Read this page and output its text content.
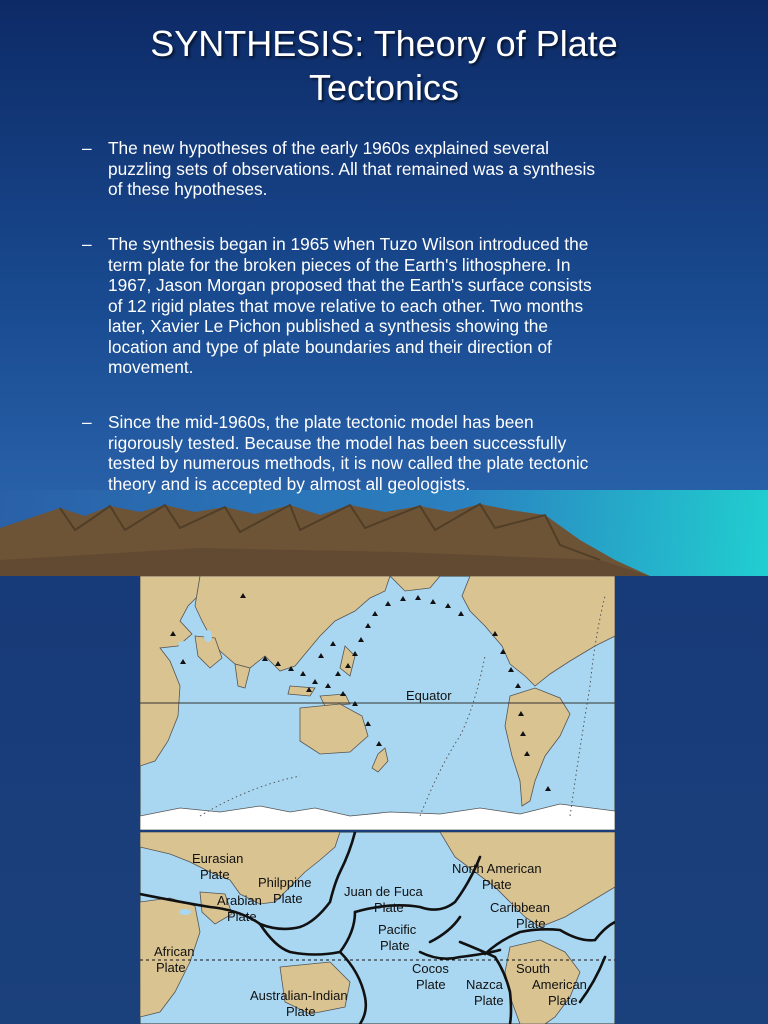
SYNTHESIS: Theory of Plate
Tectonics
– The new hypotheses of the early 1960s explained several
puzzling sets of observations. All that remained was a synthesis
of these hypotheses.
– The synthesis began in 1965 when Tuzo Wilson introduced the
term plate for the broken pieces of the Earth's lithosphere. In
1967, Jason Morgan proposed that the Earth's surface consists
of 12 rigid plates that move relative to each other. Two months
later, Xavier Le Pichon published a synthesis showing the
location and type of plate boundaries and their direction of
movement.
– Since the mid-1960s, the plate tectonic model has been
rigorously tested. Because the model has been successfully
tested by numerous methods, it is now called the plate tectonic
theory and is accepted by almost all geologists.
Equator
Eurasian Plate
Philppine Plate
Arabian Plate
North American Plate
Juan de Fuca Plate	Caribbean Plate
Pacific Plate
African Plate	Cocos Plate
South American Plate
Nazca Plate
Australian-Indian Plate
